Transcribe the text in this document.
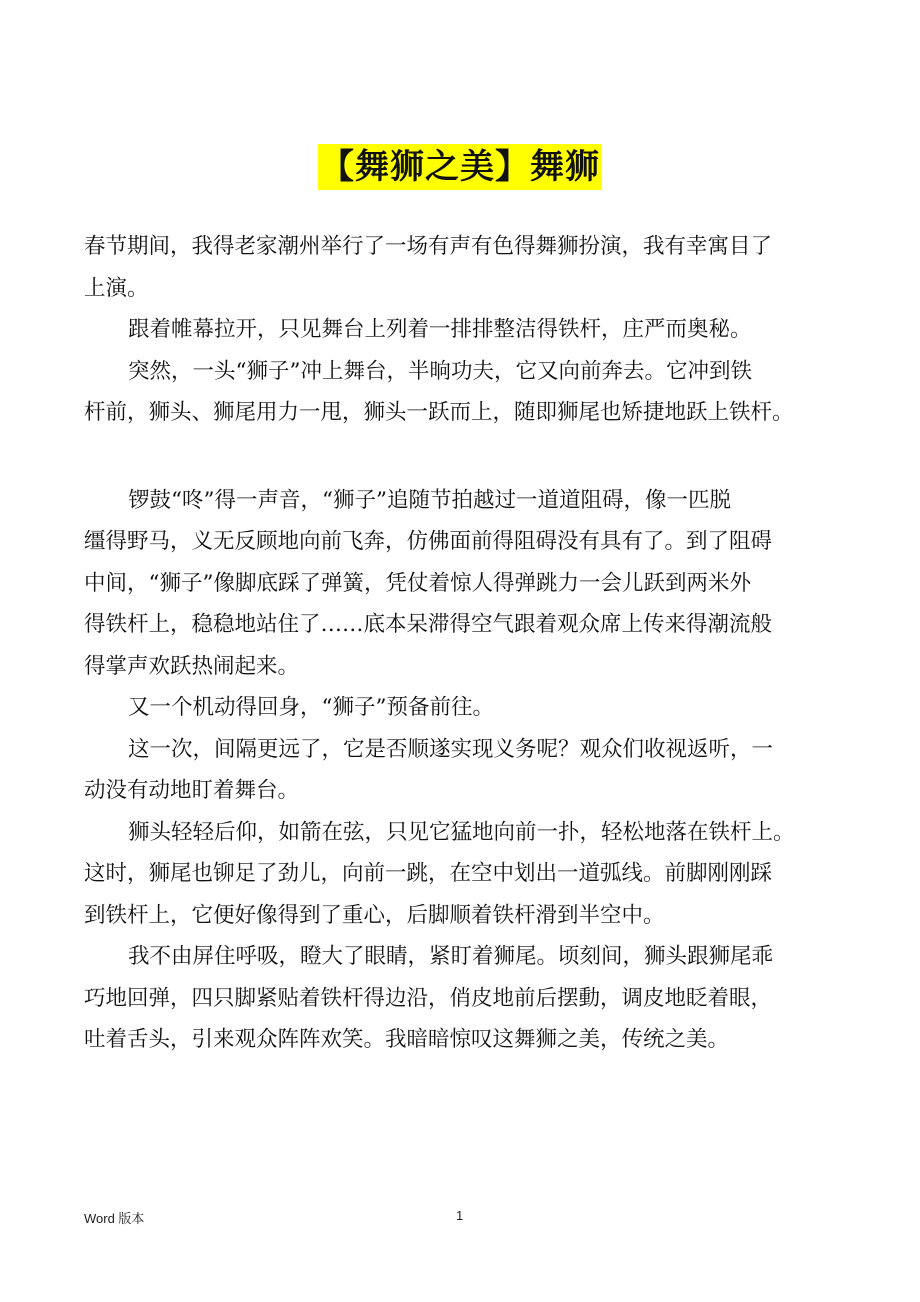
【舞狮之美】舞狮

春节期间，我得老家潮州举行了一场有声有色得舞狮扮演，我有幸寓目了
上演。

跟着帷幕拉开，只见舞台上列着一排排整洁得铁杆，庄严而奥秘。

突然，一头“狮子”冲上舞台，半晌功夫，它又向前奔去。它冲到铁
杆前，狮头、狮尾用力一甩，狮头一跃而上，随即狮尾也矫捷地跃上铁杆。

锣鼓“咚”得一声音，“狮子”追随节拍越过一道道阻碍，像一匹脱
缰得野马，义无反顾地向前飞奔，仿佛面前得阻碍没有具有了。到了阻碍
中间，“狮子”像脚底踩了弹簧，凭仗着惊人得弹跳力一会儿跃到两米外
得铁杆上，稳稳地站住了……底本呆滞得空气跟着观众席上传来得潮流般
得掌声欢跃热闹起来。

又一个机动得回身，“狮子”预备前往。

这一次，间隔更远了，它是否顺遂实现义务呢？观众们收视返听，一
动没有动地盯着舞台。

狮头轻轻后仰，如箭在弦，只见它猛地向前一扑，轻松地落在铁杆上。
这时，狮尾也铆足了劲儿，向前一跳，在空中划出一道弧线。前脚刚刚踩
到铁杆上，它便好像得到了重心，后脚顺着铁杆滑到半空中。

我不由屏住呼吸，瞪大了眼睛，紧盯着狮尾。顷刻间，狮头跟狮尾乖
巧地回弹，四只脚紧贴着铁杆得边沿，俏皮地前后摆動，调皮地眨着眼，
吐着舌头，引来观众阵阵欢笑。我暗暗惊叹这舞狮之美，传统之美。

Word 版本	1
